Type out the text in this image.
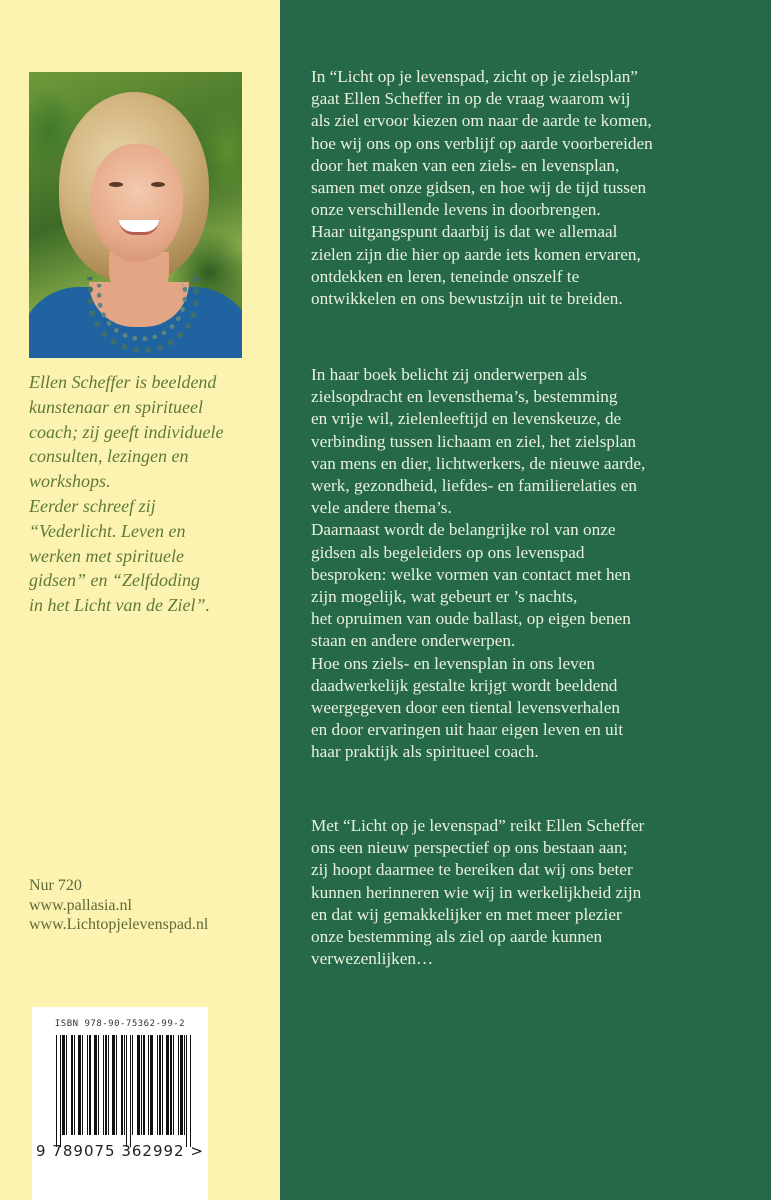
Ellen Scheffer is beeldend
kunstenaar en spiritueel
coach; zij geeft individuele
consulten, lezingen en
workshops.
Eerder schreef zij
“Vederlicht. Leven en
werken met spirituele
gidsen” en “Zelfdoding
in het Licht van de Ziel”.
Nur 720
www.pallasia.nl
www.Lichtopjelevenspad.nl
ISBN 978-90-75362-99-2
9 789075 362992 >
In “Licht op je levenspad, zicht op je zielsplan”
gaat Ellen Scheffer in op de vraag waarom wij
als ziel ervoor kiezen om naar de aarde te komen,
hoe wij ons op ons verblijf op aarde voorbereiden
door het maken van een ziels- en levensplan,
samen met onze gidsen, en hoe wij de tijd tussen
onze verschillende levens in doorbrengen.
Haar uitgangspunt daarbij is dat we allemaal
zielen zijn die hier op aarde iets komen ervaren,
ontdekken en leren, teneinde onszelf te
ontwikkelen en ons bewustzijn uit te breiden.
In haar boek belicht zij onderwerpen als
zielsopdracht en levensthema’s, bestemming
en vrije wil, zielenleeftijd en levenskeuze, de
verbinding tussen lichaam en ziel, het zielsplan
van mens en dier, lichtwerkers, de nieuwe aarde,
werk, gezondheid, liefdes- en familierelaties en
vele andere thema’s.
Daarnaast wordt de belangrijke rol van onze
gidsen als begeleiders op ons levenspad
besproken: welke vormen van contact met hen
zijn mogelijk, wat gebeurt er ’s nachts,
het opruimen van oude ballast, op eigen benen
staan en andere onderwerpen.
Hoe ons ziels- en levensplan in ons leven
daadwerkelijk gestalte krijgt wordt beeldend
weergegeven door een tiental levensverhalen
en door ervaringen uit haar eigen leven en uit
haar praktijk als spiritueel coach.
Met “Licht op je levenspad” reikt Ellen Scheffer
ons een nieuw perspectief op ons bestaan aan;
zij hoopt daarmee te bereiken dat wij ons beter
kunnen herinneren wie wij in werkelijkheid zijn
en dat wij gemakkelijker en met meer plezier
onze bestemming als ziel op aarde kunnen
verwezenlijken…
